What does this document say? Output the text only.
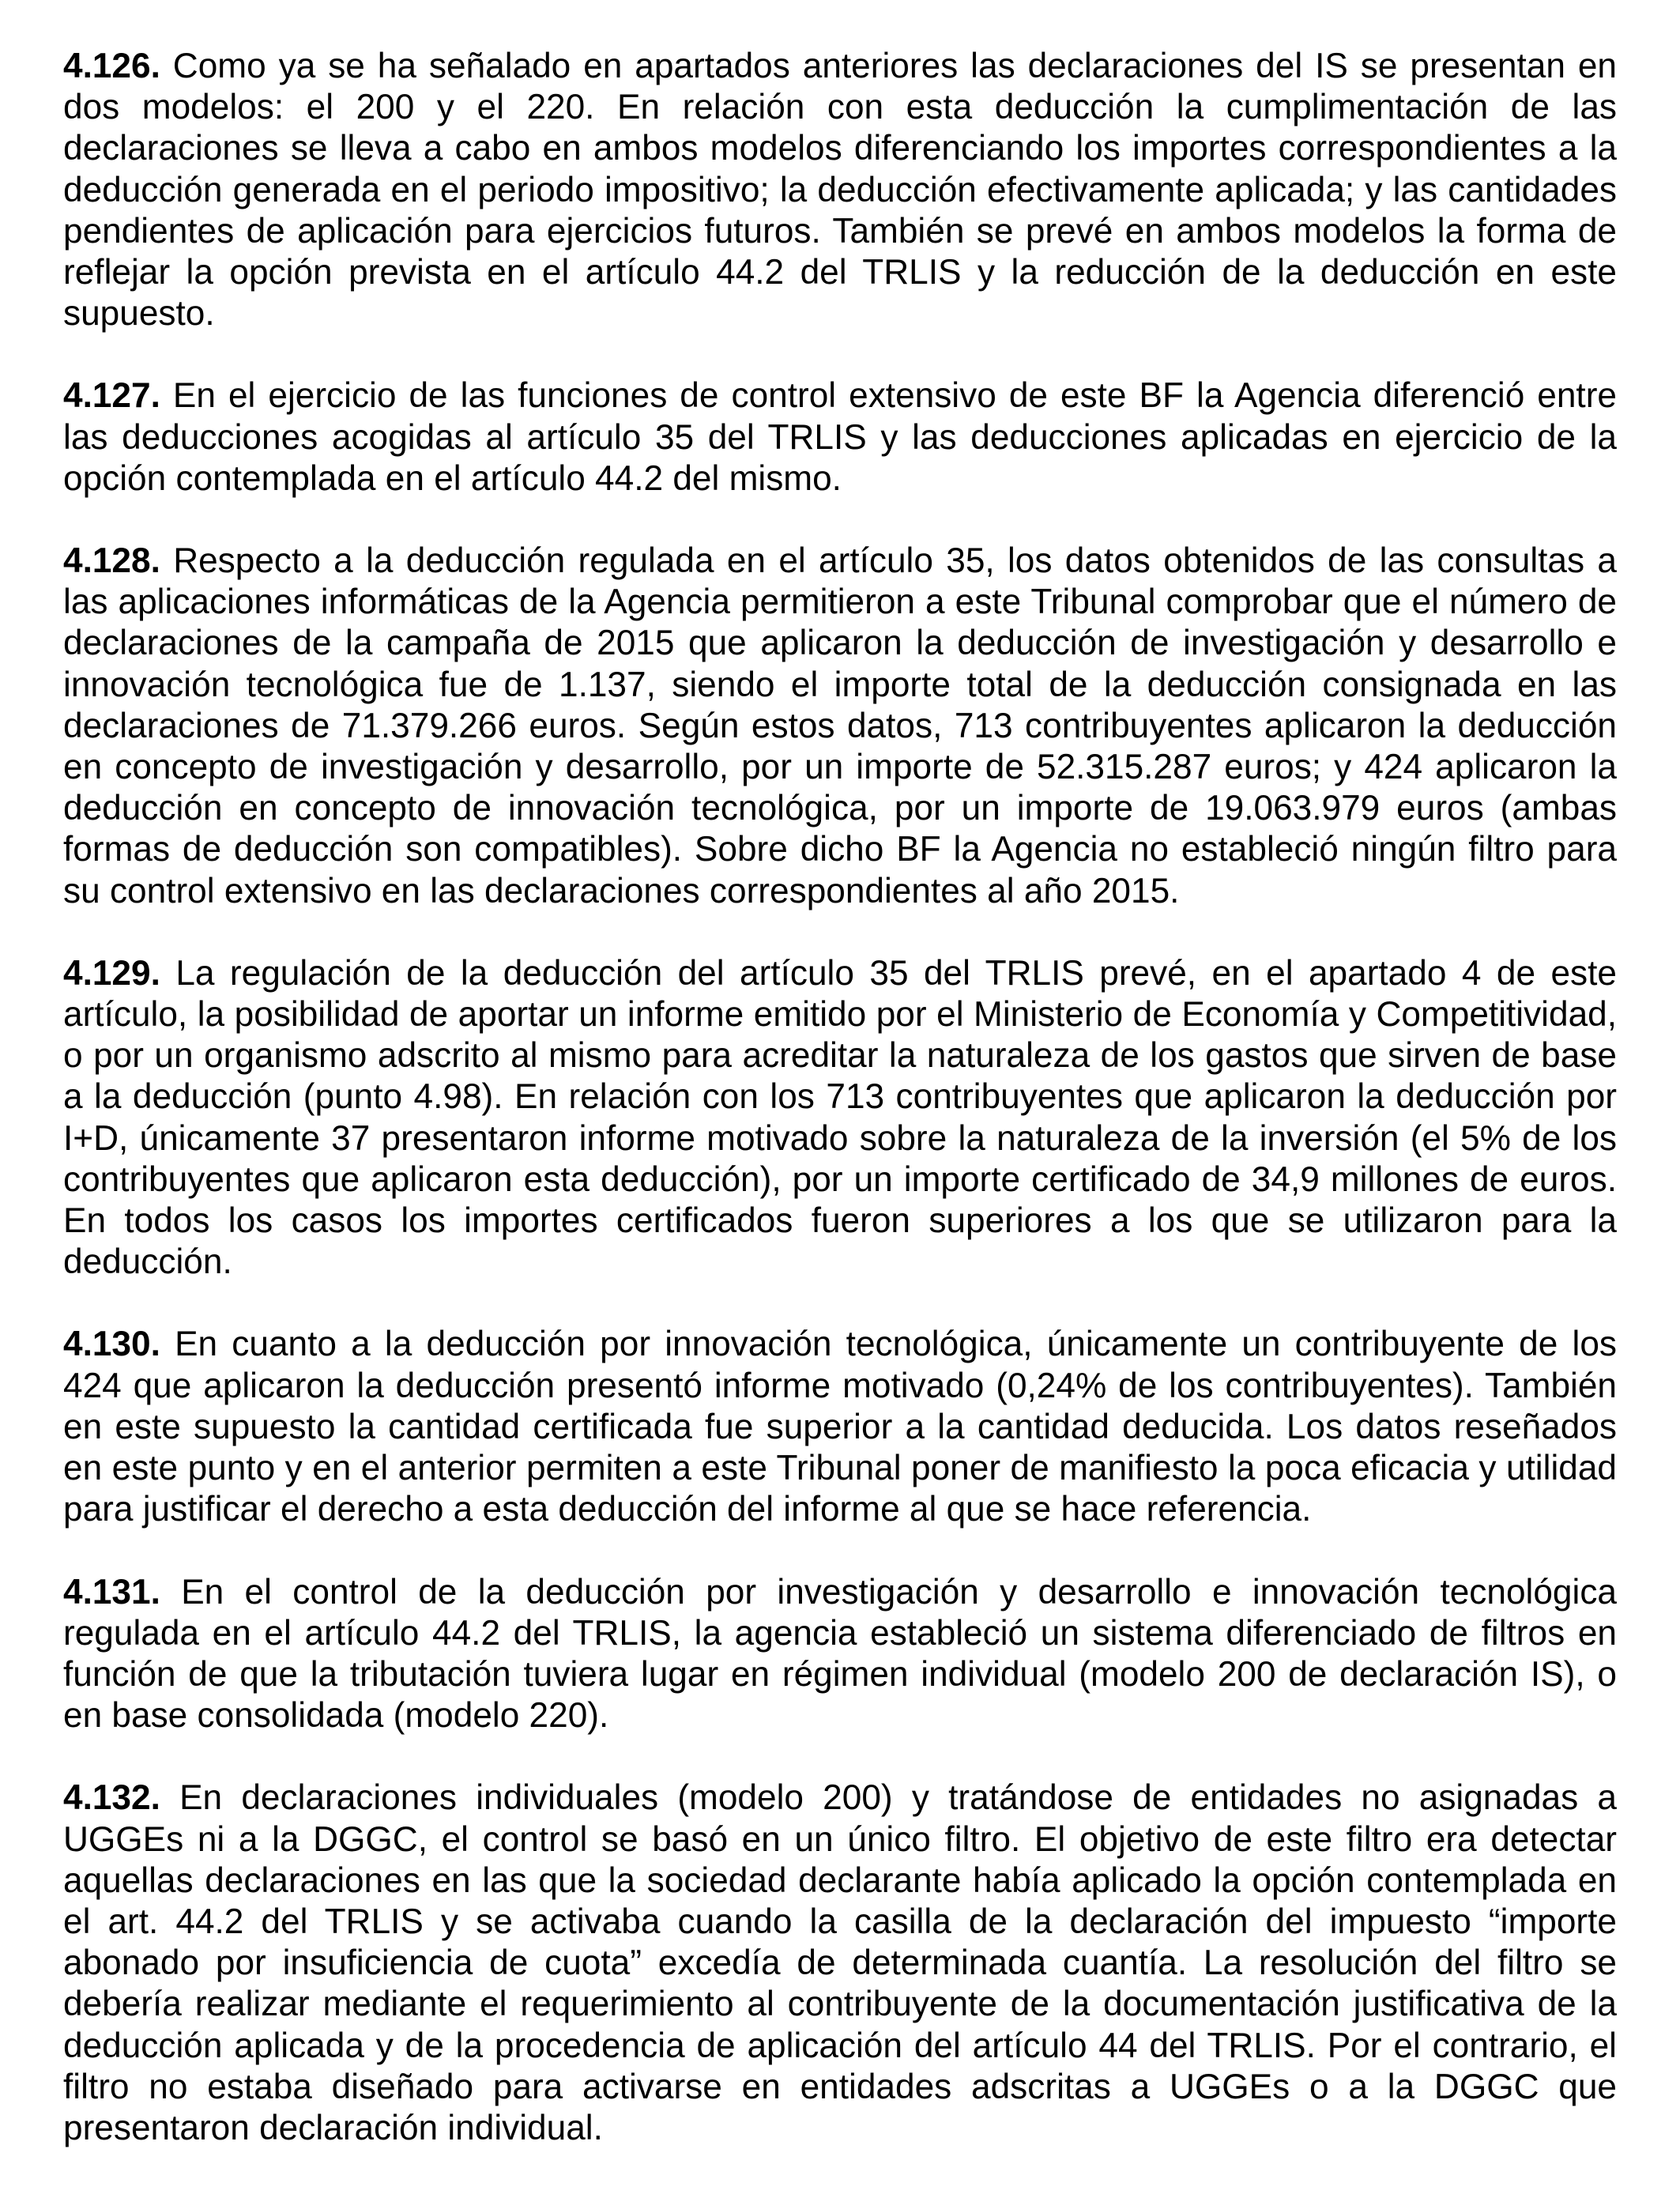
4.126. Como ya se ha señalado en apartados anteriores las declaraciones del IS se presentan en dos modelos: el 200 y el 220. En relación con esta deducción la cumplimentación de las declaraciones se lleva a cabo en ambos modelos diferenciando los importes correspondientes a la deducción generada en el periodo impositivo; la deducción efectivamente aplicada; y las cantidades pendientes de aplicación para ejercicios futuros. También se prevé en ambos modelos la forma de reflejar la opción prevista en el artículo 44.2 del TRLIS y la reducción de la deducción en este supuesto.

4.127. En el ejercicio de las funciones de control extensivo de este BF la Agencia diferenció entre las deducciones acogidas al artículo 35 del TRLIS y las deducciones aplicadas en ejercicio de la opción contemplada en el artículo 44.2 del mismo.

4.128. Respecto a la deducción regulada en el artículo 35, los datos obtenidos de las consultas a las aplicaciones informáticas de la Agencia permitieron a este Tribunal comprobar que el número de declaraciones de la campaña de 2015 que aplicaron la deducción de investigación y desarrollo e innovación tecnológica fue de 1.137, siendo el importe total de la deducción consignada en las declaraciones de 71.379.266 euros. Según estos datos, 713 contribuyentes aplicaron la deducción en concepto de investigación y desarrollo, por un importe de 52.315.287 euros; y 424 aplicaron la deducción en concepto de innovación tecnológica, por un importe de 19.063.979 euros (ambas formas de deducción son compatibles). Sobre dicho BF la Agencia no estableció ningún filtro para su control extensivo en las declaraciones correspondientes al año 2015.

4.129. La regulación de la deducción del artículo 35 del TRLIS prevé, en el apartado 4 de este artículo, la posibilidad de aportar un informe emitido por el Ministerio de Economía y Competitividad, o por un organismo adscrito al mismo para acreditar la naturaleza de los gastos que sirven de base a la deducción (punto 4.98). En relación con los 713 contribuyentes que aplicaron la deducción por I+D, únicamente 37 presentaron informe motivado sobre la naturaleza de la inversión (el 5% de los contribuyentes que aplicaron esta deducción), por un importe certificado de 34,9 millones de euros. En todos los casos los importes certificados fueron superiores a los que se utilizaron para la deducción.

4.130. En cuanto a la deducción por innovación tecnológica, únicamente un contribuyente de los 424 que aplicaron la deducción presentó informe motivado (0,24% de los contribuyentes). También en este supuesto la cantidad certificada fue superior a la cantidad deducida. Los datos reseñados en este punto y en el anterior permiten a este Tribunal poner de manifiesto la poca eficacia y utilidad para justificar el derecho a esta deducción del informe al que se hace referencia.

4.131. En el control de la deducción por investigación y desarrollo e innovación tecnológica regulada en el artículo 44.2 del TRLIS, la agencia estableció un sistema diferenciado de filtros en función de que la tributación tuviera lugar en régimen individual (modelo 200 de declaración IS), o en base consolidada (modelo 220).

4.132. En declaraciones individuales (modelo 200) y tratándose de entidades no asignadas a UGGEs ni a la DGGC, el control se basó en un único filtro. El objetivo de este filtro era detectar aquellas declaraciones en las que la sociedad declarante había aplicado la opción contemplada en el art. 44.2 del TRLIS y se activaba cuando la casilla de la declaración del impuesto “importe abonado por insuficiencia de cuota” excedía de determinada cuantía. La resolución del filtro se debería realizar mediante el requerimiento al contribuyente de la documentación justificativa de la deducción aplicada y de la procedencia de aplicación del artículo 44 del TRLIS. Por el contrario, el filtro no estaba diseñado para activarse en entidades adscritas a UGGEs o a la DGGC que presentaron declaración individual.
